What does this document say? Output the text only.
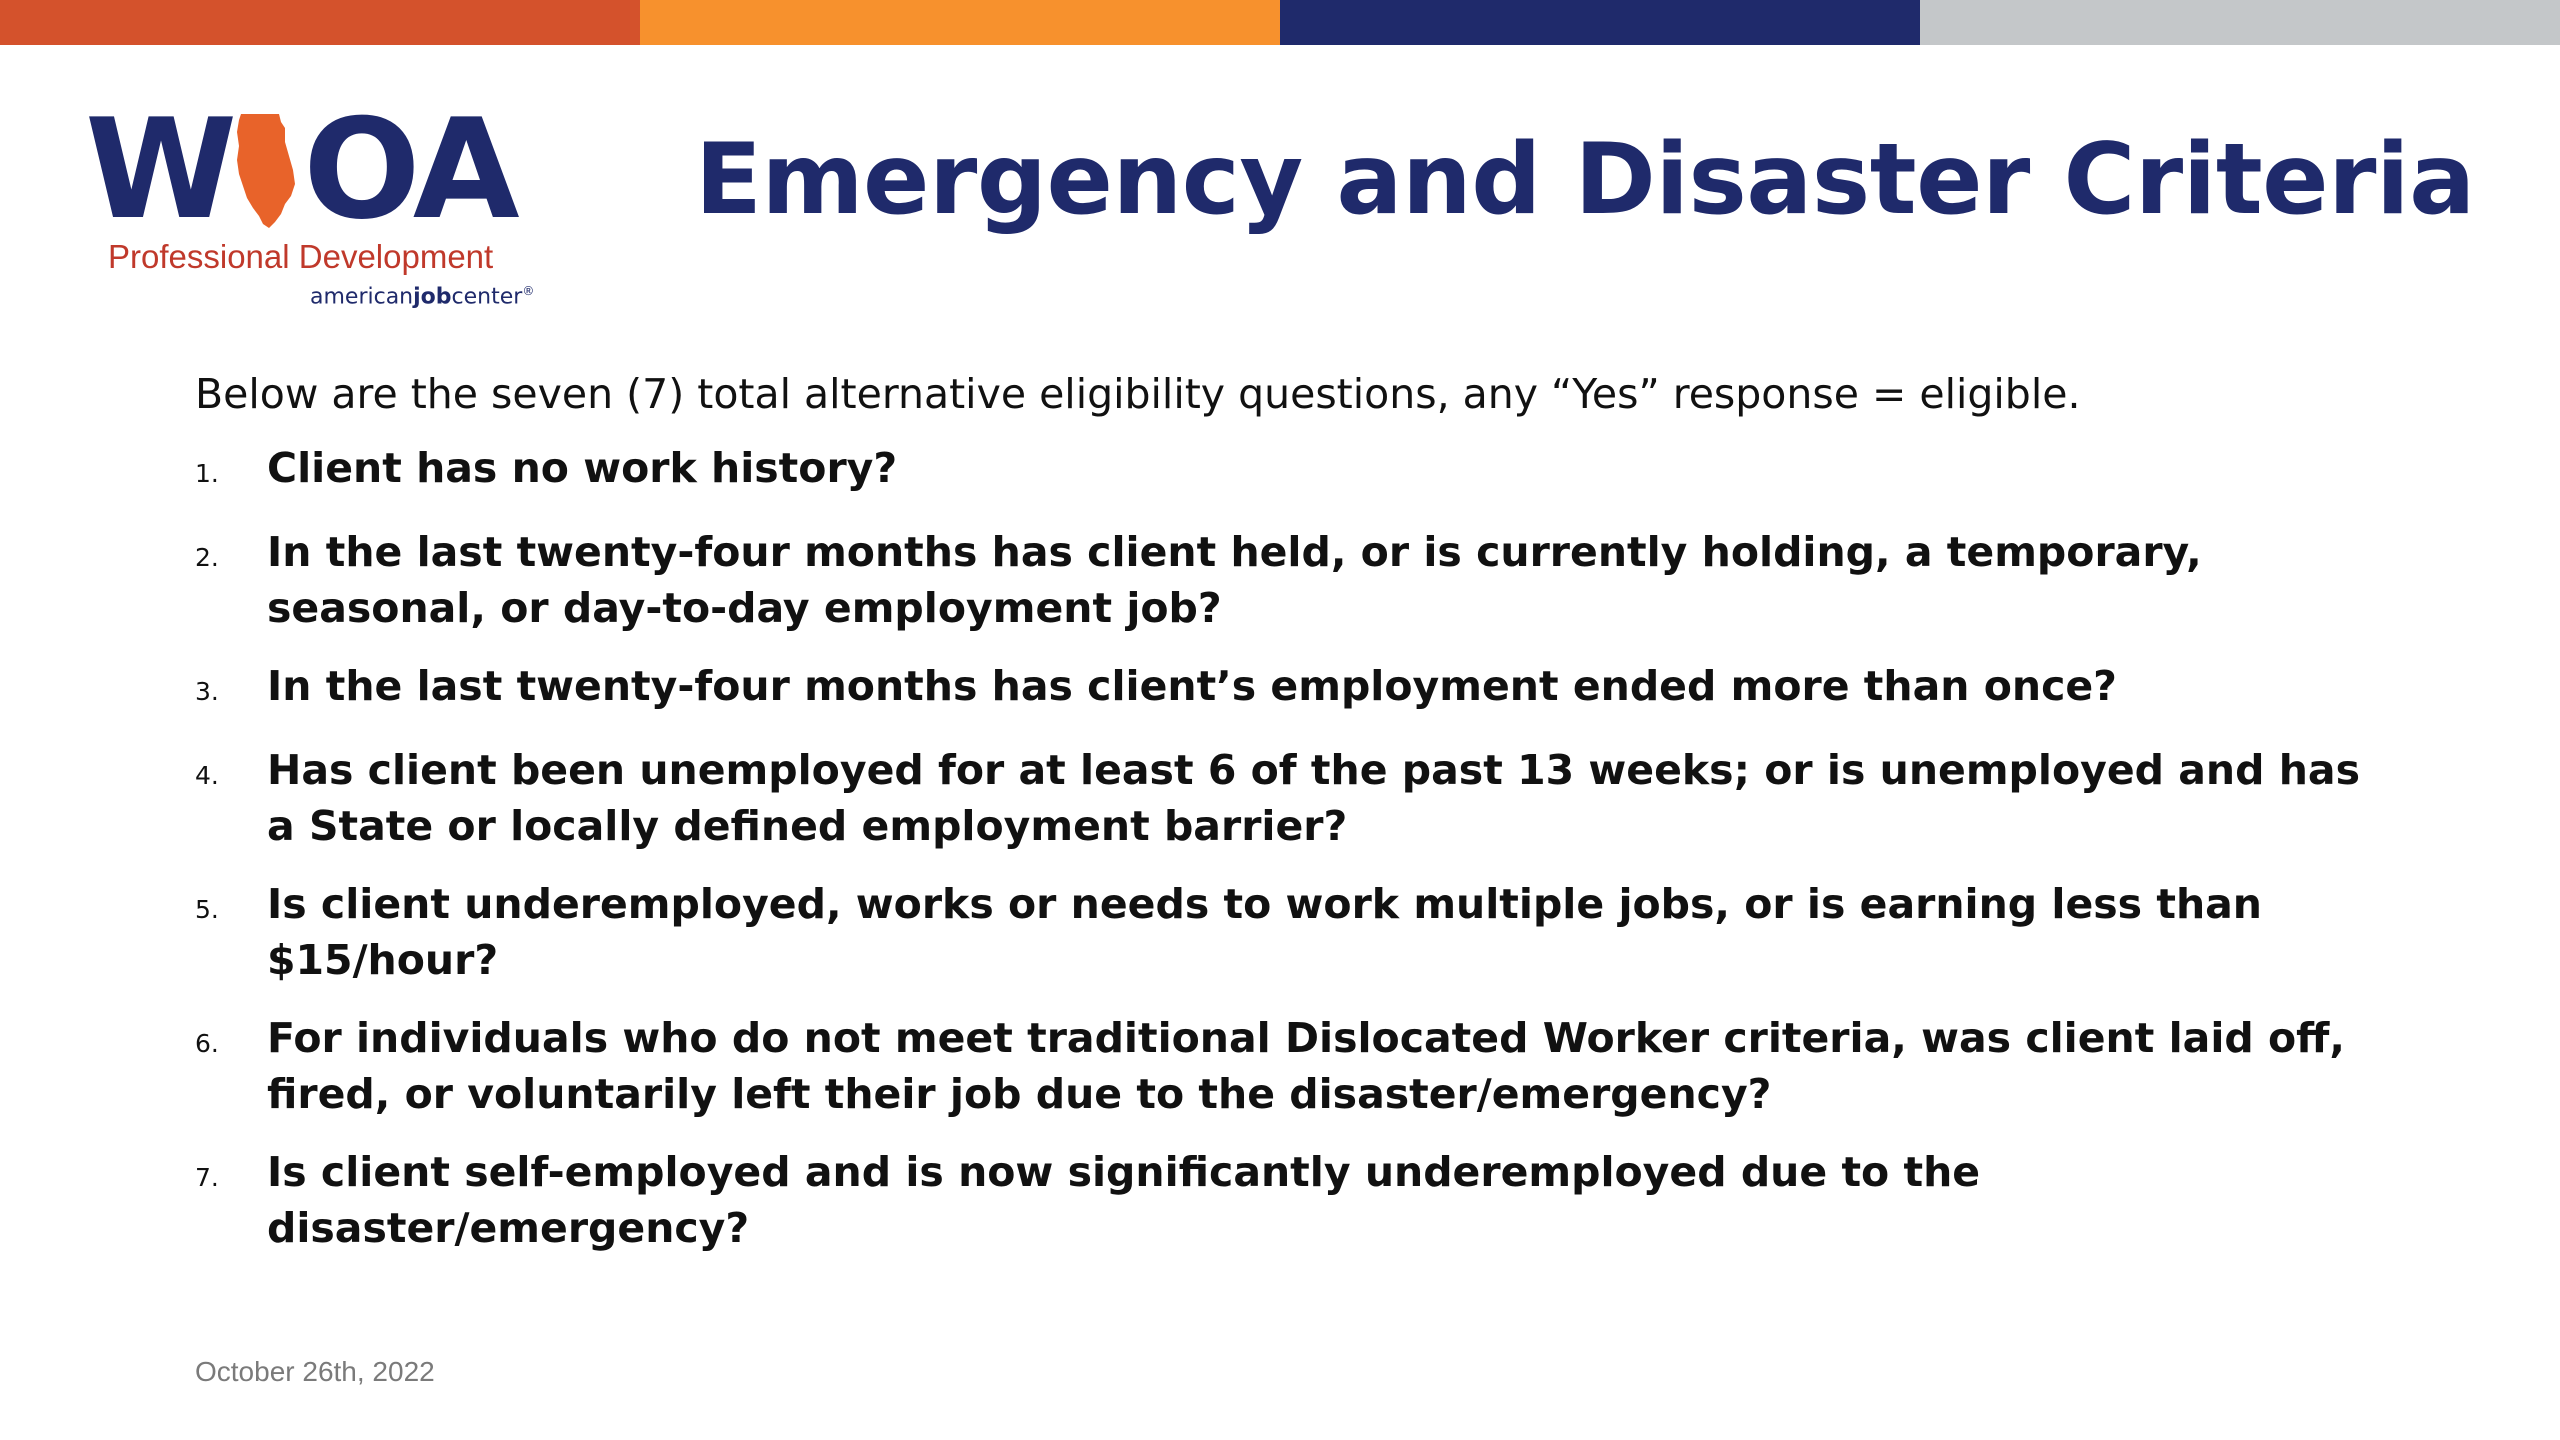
W OA
Professional Development
americanjobcenter®
Emergency and Disaster Criteria
Below are the seven (7) total alternative eligibility questions, any “Yes” response = eligible.
1.	Client has no work history?
2.	In the last twenty-four months has client held, or is currently holding, a temporary, seasonal, or day-to-day employment job?
3.	In the last twenty-four months has client’s employment ended more than once?
4.	Has client been unemployed for at least 6 of the past 13 weeks; or is unemployed and has a State or locally defined employment barrier?
5.	Is client underemployed, works or needs to work multiple jobs, or is earning less than $15/hour?
6.	For individuals who do not meet traditional Dislocated Worker criteria, was client laid off, fired, or voluntarily left their job due to the disaster/emergency?
7.	Is client self-employed and is now significantly underemployed due to the disaster/emergency?
October 26th, 2022
